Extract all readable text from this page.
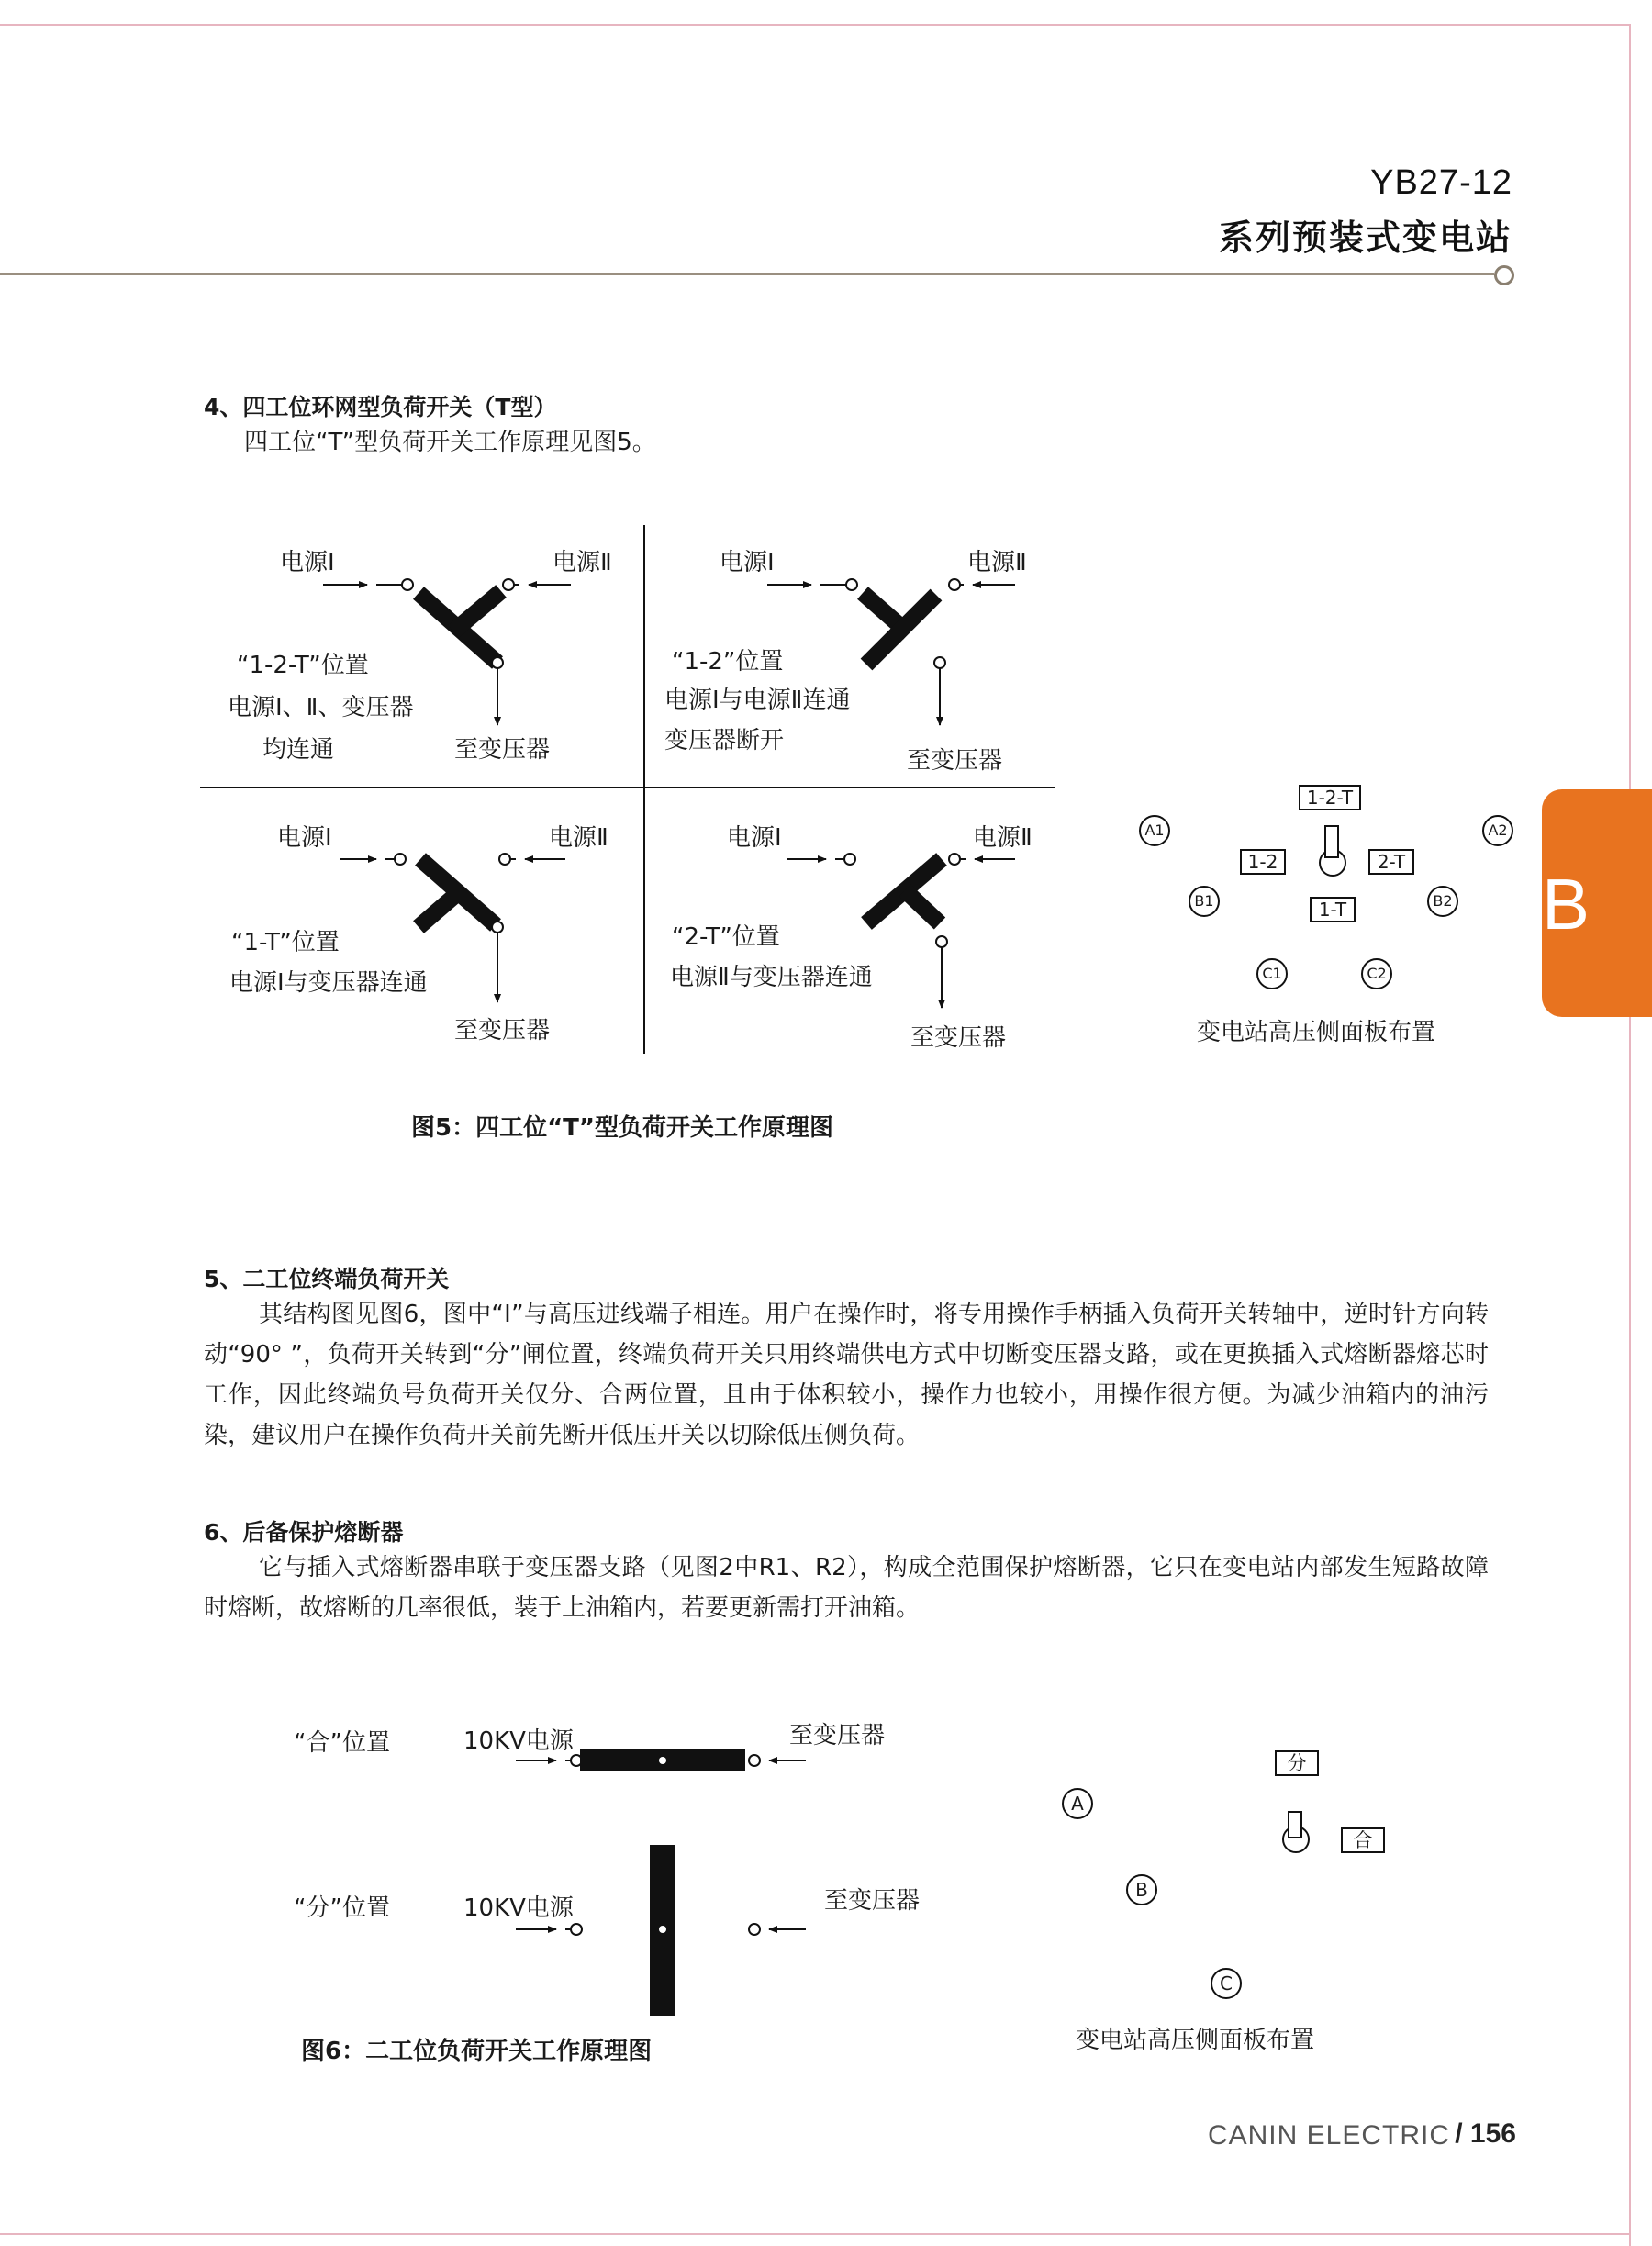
YB27-12
系列预装式变电站
B
4、四工位环网型负荷开关（T型）
四工位“T”型负荷开关工作原理见图5。
电源Ⅰ	电源Ⅱ
“1-2-T”位置
电源Ⅰ、Ⅱ、变压器
均连通	至变压器
电源Ⅰ	电源Ⅱ
“1-2”位置
电源Ⅰ与电源Ⅱ连通
变压器断开
至变压器
电源Ⅰ	电源Ⅱ
“1-T”位置
电源Ⅰ与变压器连通
至变压器
电源Ⅰ	电源Ⅱ
“2-T”位置
电源Ⅱ与变压器连通
至变压器
图5：四工位“T”型负荷开关工作原理图
1-2-T
1-2	2-T
1-T
A1	A2
B1	B2
C1	C2
变电站高压侧面板布置
5、二工位终端负荷开关
其结构图见图6，图中“Ⅰ”与高压进线端子相连。用户在操作时，将专用操作手柄插入负荷开关转轴中，逆时针方向转动“90° ”，负荷开关转到“分”闸位置，终端负荷开关只用终端供电方式中切断变压器支路，或在更换插入式熔断器熔芯时工作，因此终端负号负荷开关仅分、合两位置，且由于体积较小，操作力也较小，用操作很方便。为减少油箱内的油污染，建议用户在操作负荷开关前先断开低压开关以切除低压侧负荷。
6、后备保护熔断器
它与插入式熔断器串联于变压器支路（见图2中R1、R2），构成全范围保护熔断器，它只在变电站内部发生短路故障时熔断，故熔断的几率很低，装于上油箱内，若要更新需打开油箱。
“合”位置	10KV电源	至变压器
“分”位置	10KV电源	至变压器
图6：二工位负荷开关工作原理图
分
合
A
B
C
变电站高压侧面板布置
CANIN ELECTRIC / 156
